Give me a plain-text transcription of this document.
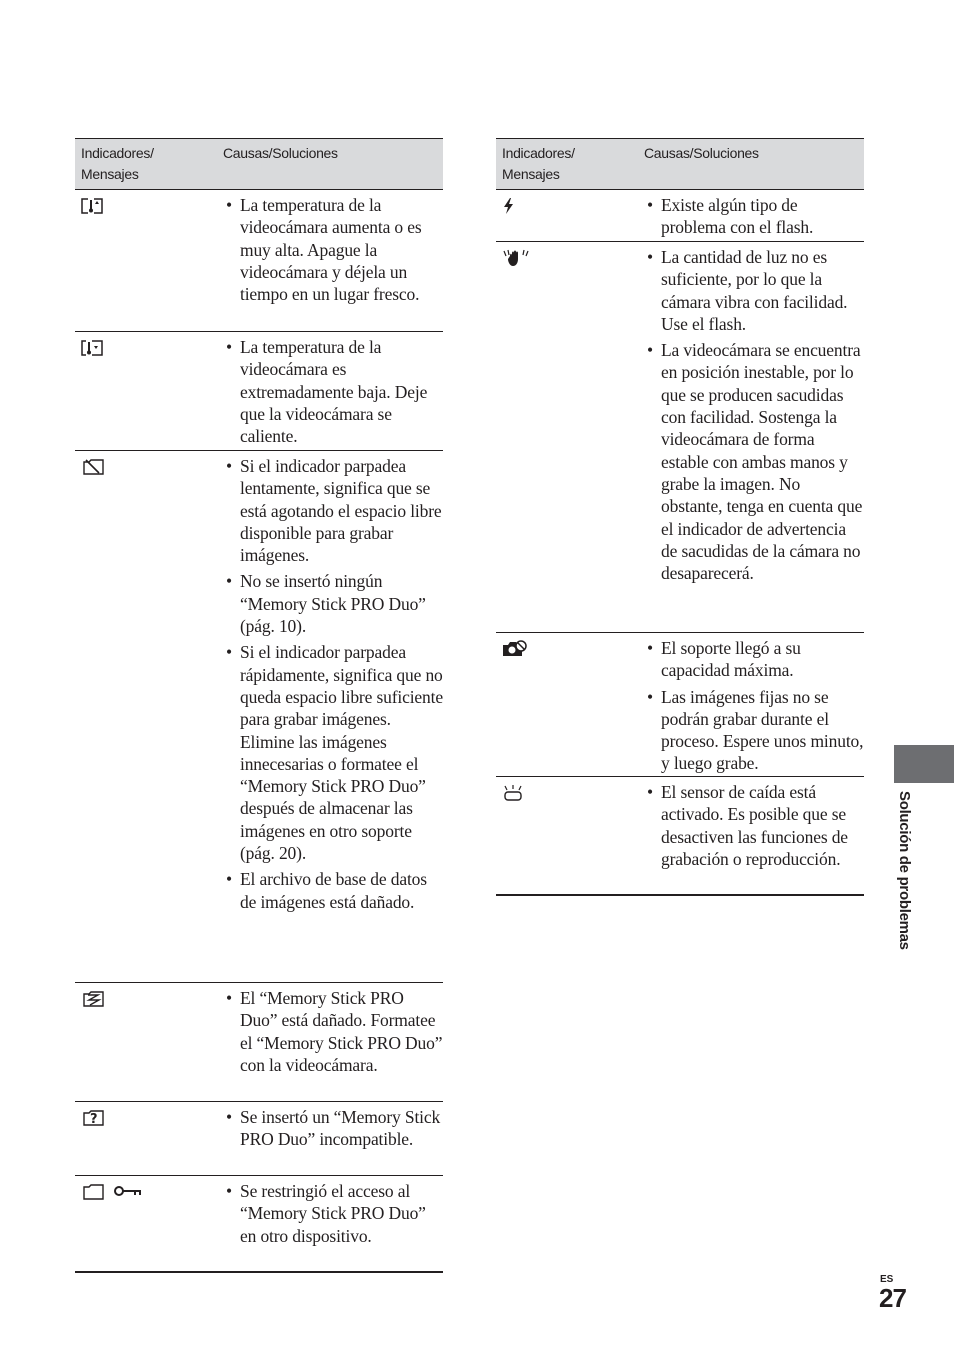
Indicadores/ Mensajes
Causas/Soluciones
• La temperatura de la videocámara aumenta o es muy alta. Apague la videocámara y déjela un tiempo en un lugar fresco.
• La temperatura de la videocámara es extremadamente baja. Deje que la videocámara se caliente.
• Si el indicador parpadea lentamente, significa que se está agotando el espacio libre disponible para grabar imágenes.
• No se insertó ningún “Memory Stick PRO Duo” (pág. 10).
• Si el indicador parpadea rápidamente, significa que no queda espacio libre suficiente para grabar imágenes. Elimine las imágenes innecesarias o formatee el “Memory Stick PRO Duo” después de almacenar las imágenes en otro soporte (pág. 20).
• El archivo de base de datos de imágenes está dañado.
• El “Memory Stick PRO Duo” está dañado. Formatee el “Memory Stick PRO Duo” con la videocámara.
?
•	Se insertó un “Memory Stick PRO Duo” incompatible.
• Se restringió el acceso al “Memory Stick PRO Duo” en otro dispositivo.
Indicadores/ Mensajes
Causas/Soluciones
• Existe algún tipo de problema con el flash.
• La cantidad de luz no es suficiente, por lo que la cámara vibra con facilidad. Use el flash.
• La videocámara se encuentra en posición inestable, por lo que se producen sacudidas con facilidad. Sostenga la videocámara de forma estable con ambas manos y grabe la imagen. No obstante, tenga en cuenta que el indicador de advertencia de sacudidas de la cámara no desaparecerá.
• El soporte llegó a su capacidad máxima.
• Las imágenes fijas no se podrán grabar durante el proceso. Espere unos minuto, y luego grabe.
• El sensor de caída está activado. Es posible que se desactiven las funciones de grabación o reproducción.	Solución de problemas
ES
27
